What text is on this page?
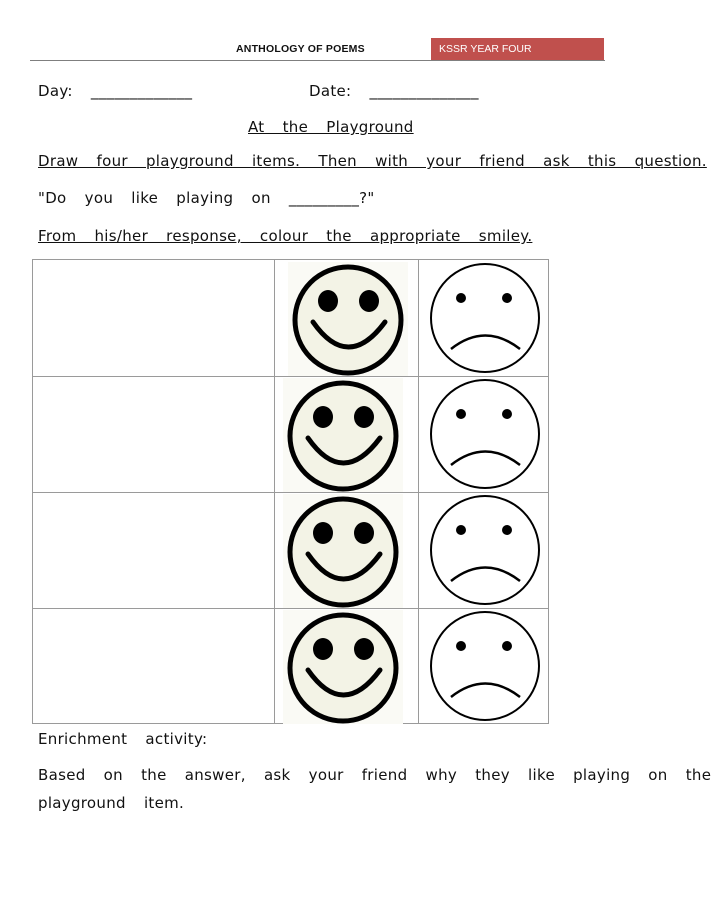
ANTHOLOGY OF POEMS	KSSR YEAR FOUR
Day:  _____________	Date:  ______________
At  the  Playground
Draw  four  playground  items.  Then  with  your  friend  ask  this  question.
"Do  you  like  playing  on  _________?"
From  his/her  response,  colour  the  appropriate  smiley.
Enrichment  activity:
Based  on  the  answer,  ask  your  friend  why  they  like  playing  on  the
playground  item.
